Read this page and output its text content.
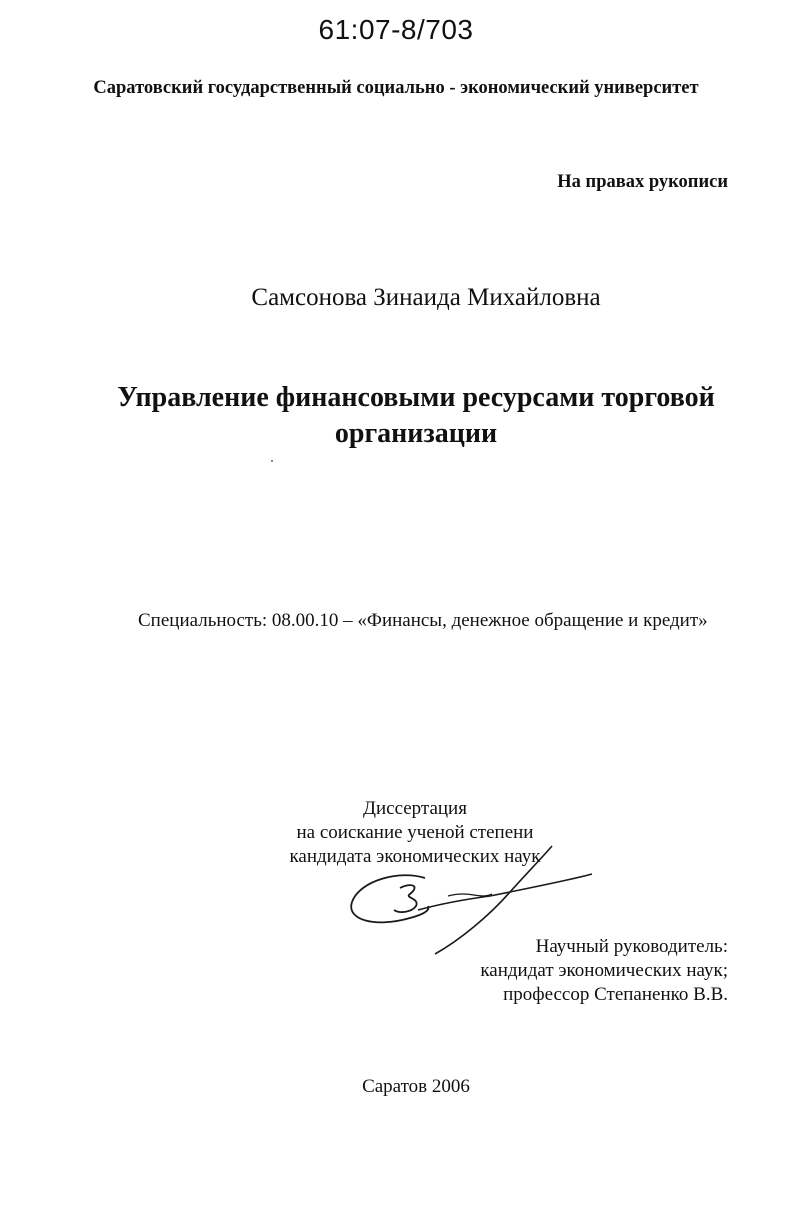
61:07-8/703
Саратовский государственный социально - экономический университет
На правах рукописи
Самсонова Зинаида Михайловна
Управление финансовыми ресурсами торговой
организации
Специальность: 08.00.10 – «Финансы, денежное обращение и кредит»
Диссертация
на соискание ученой степени
кандидата экономических наук
Научный руководитель:
кандидат экономических наук;
профессор Степаненко В.В.
Саратов 2006
